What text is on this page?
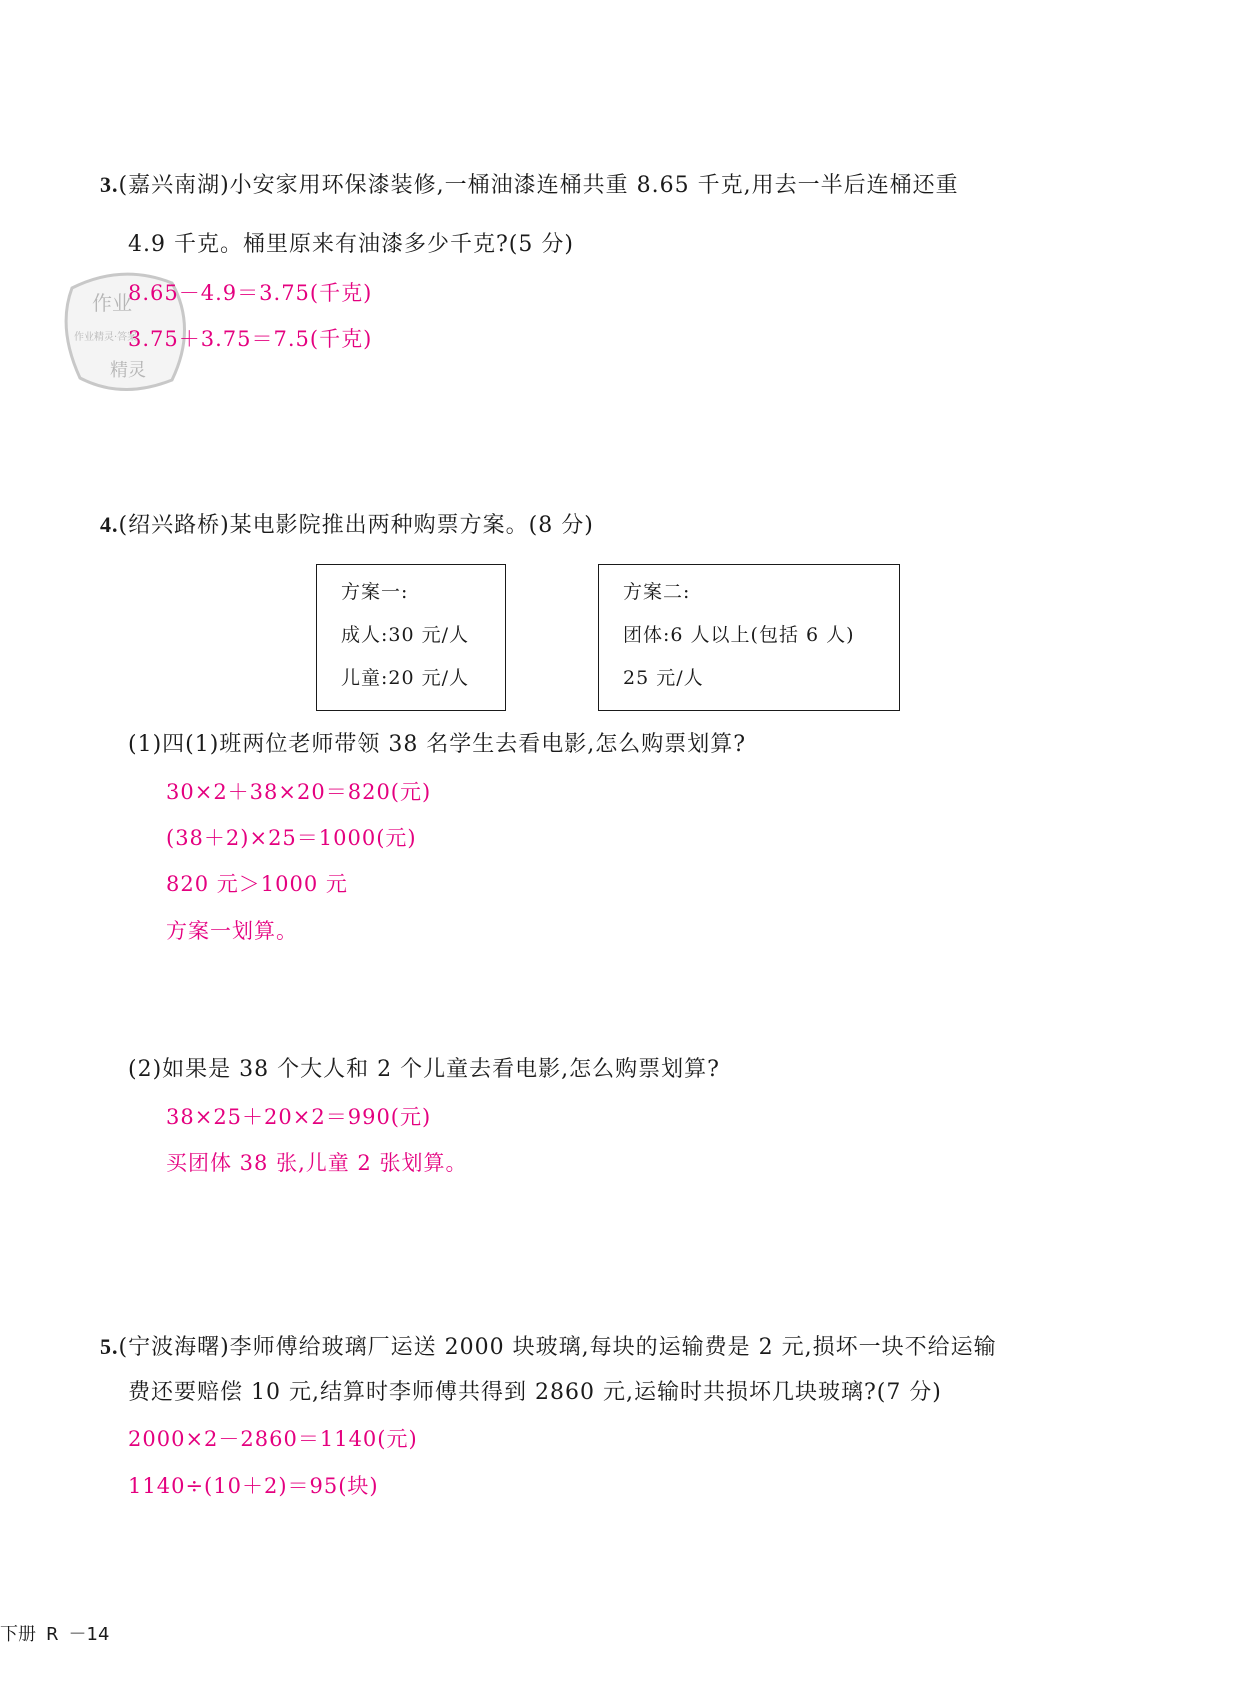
3.(嘉兴南湖)小安家用环保漆装修,一桶油漆连桶共重 8.65 千克,用去一半后连桶还重
4.9 千克。桶里原来有油漆多少千克?(5 分)
作业
作业精灵·答案
精灵
8.65－4.9＝3.75(千克)
3.75＋3.75＝7.5(千克)
4.(绍兴路桥)某电影院推出两种购票方案。(8 分)
方案一:
成人:30 元/人
儿童:20 元/人
方案二:
团体:6 人以上(包括 6 人)
25 元/人
(1)四(1)班两位老师带领 38 名学生去看电影,怎么购票划算?
30×2＋38×20＝820(元)
(38＋2)×25＝1000(元)
820 元＞1000 元
方案一划算。
(2)如果是 38 个大人和 2 个儿童去看电影,怎么购票划算?
38×25＋20×2＝990(元)
买团体 38 张,儿童 2 张划算。
5.(宁波海曙)李师傅给玻璃厂运送 2000 块玻璃,每块的运输费是 2 元,损坏一块不给运输
费还要赔偿 10 元,结算时李师傅共得到 2860 元,运输时共损坏几块玻璃?(7 分)
2000×2－2860＝1140(元)
1140÷(10＋2)＝95(块)
下册 R －14
